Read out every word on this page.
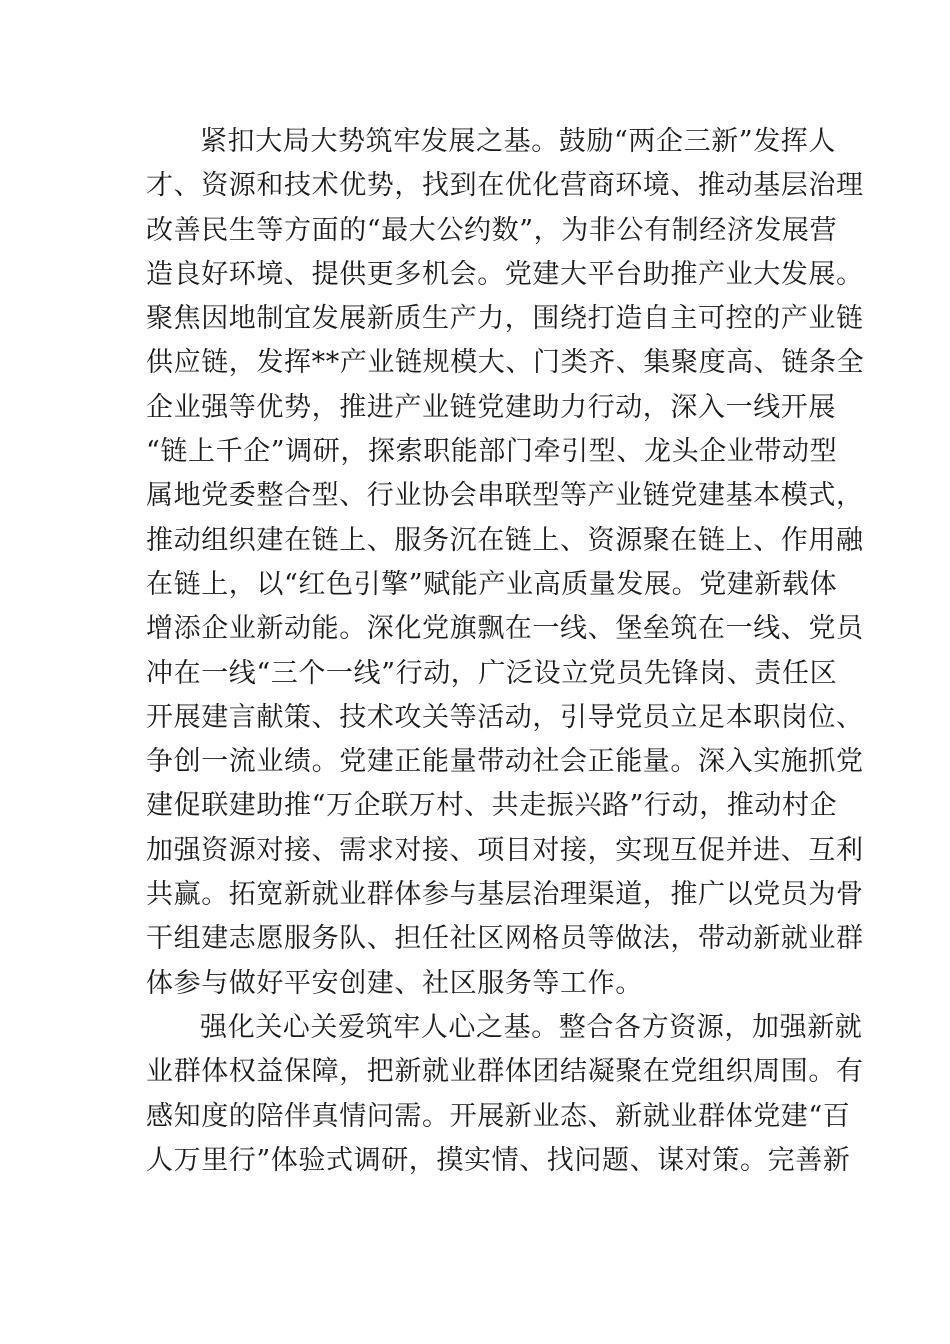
紧扣大局大势筑牢发展之基。鼓励“两企三新”发挥人
才、资源和技术优势，找到在优化营商环境、推动基层治理
改善民生等方面的“最大公约数”，为非公有制经济发展营
造良好环境、提供更多机会。党建大平台助推产业大发展。
聚焦因地制宜发展新质生产力，围绕打造自主可控的产业链
供应链，发挥**产业链规模大、门类齐、集聚度高、链条全
企业强等优势，推进产业链党建助力行动，深入一线开展
“链上千企”调研，探索职能部门牵引型、龙头企业带动型
属地党委整合型、行业协会串联型等产业链党建基本模式，
推动组织建在链上、服务沉在链上、资源聚在链上、作用融
在链上，以“红色引擎”赋能产业高质量发展。党建新载体
增添企业新动能。深化党旗飘在一线、堡垒筑在一线、党员
冲在一线“三个一线”行动，广泛设立党员先锋岗、责任区
开展建言献策、技术攻关等活动，引导党员立足本职岗位、
争创一流业绩。党建正能量带动社会正能量。深入实施抓党
建促联建助推“万企联万村、共走振兴路”行动，推动村企
加强资源对接、需求对接、项目对接，实现互促并进、互利
共赢。拓宽新就业群体参与基层治理渠道，推广以党员为骨
干组建志愿服务队、担任社区网格员等做法，带动新就业群
体参与做好平安创建、社区服务等工作。
强化关心关爱筑牢人心之基。整合各方资源，加强新就
业群体权益保障，把新就业群体团结凝聚在党组织周围。有
感知度的陪伴真情问需。开展新业态、新就业群体党建“百
人万里行”体验式调研，摸实情、找问题、谋对策。完善新
